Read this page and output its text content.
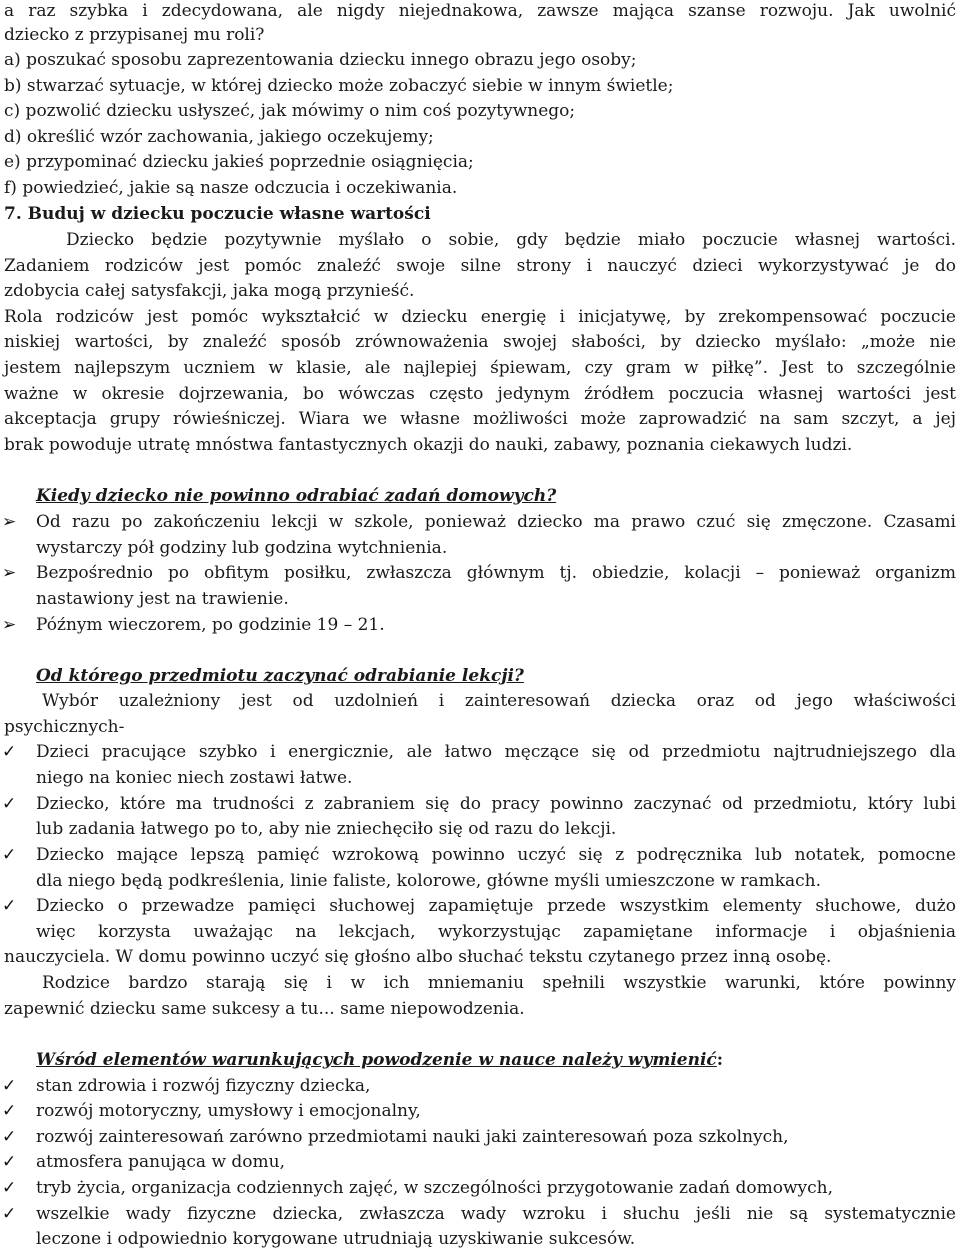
a raz szybka i zdecydowana, ale nigdy niejednakowa, zawsze mająca szanse rozwoju. Jak uwolnić
dziecko z przypisanej mu roli?
a) poszukać sposobu zaprezentowania dziecku innego obrazu jego osoby;
b) stwarzać sytuacje, w której dziecko może zobaczyć siebie w innym świetle;
c) pozwolić dziecku usłyszeć, jak mówimy o nim coś pozytywnego;
d) określić wzór zachowania, jakiego oczekujemy;
e) przypominać dziecku jakieś poprzednie osiągnięcia;
f) powiedzieć, jakie są nasze odczucia i oczekiwania.
7. Buduj w dziecku poczucie własne wartości
Dziecko będzie pozytywnie myślało o sobie, gdy będzie miało poczucie własnej wartości.
Zadaniem rodziców jest pomóc znaleźć swoje silne strony i nauczyć dzieci wykorzystywać je do
zdobycia całej satysfakcji, jaka mogą przynieść.
Rola rodziców jest pomóc wykształcić w dziecku energię i inicjatywę, by zrekompensować poczucie
niskiej wartości, by znaleźć sposób zrównoważenia swojej słabości, by dziecko myślało: „może nie
jestem najlepszym uczniem w klasie, ale najlepiej śpiewam, czy gram w piłkę”. Jest to szczególnie
ważne w okresie dojrzewania, bo wówczas często jedynym źródłem poczucia własnej wartości jest
akceptacja grupy rówieśniczej. Wiara we własne możliwości może zaprowadzić na sam szczyt, a jej
brak powoduje utratę mnóstwa fantastycznych okazji do nauki, zabawy, poznania ciekawych ludzi.
Kiedy dziecko nie powinno odrabiać zadań domowych?
➢	Od razu po zakończeniu lekcji w szkole, ponieważ dziecko ma prawo czuć się zmęczone. Czasami
wystarczy pół godziny lub godzina wytchnienia.
➢	Bezpośrednio po obfitym posiłku, zwłaszcza głównym tj. obiedzie, kolacji – ponieważ organizm
nastawiony jest na trawienie.
➢	Późnym wieczorem, po godzinie 19 – 21.
Od którego przedmiotu zaczynać odrabianie lekcji?
Wybór uzależniony jest od uzdolnień i zainteresowań dziecka oraz od jego właściwości
psychicznych-
✓	Dzieci pracujące szybko i energicznie, ale łatwo męczące się od przedmiotu najtrudniejszego dla
niego na koniec niech zostawi łatwe.
✓	Dziecko, które ma trudności z zabraniem się do pracy powinno zaczynać od przedmiotu, który lubi
lub zadania łatwego po to, aby nie zniechęciło się od razu do lekcji.
✓	Dziecko mające lepszą pamięć wzrokową powinno uczyć się z podręcznika lub notatek, pomocne
dla niego będą podkreślenia, linie faliste, kolorowe, główne myśli umieszczone w ramkach.
✓	Dziecko o przewadze pamięci słuchowej zapamiętuje przede wszystkim elementy słuchowe, dużo
więc korzysta uważając na lekcjach, wykorzystując zapamiętane informacje i objaśnienia
nauczyciela. W domu powinno uczyć się głośno albo słuchać tekstu czytanego przez inną osobę.
Rodzice bardzo starają się i w ich mniemaniu spełnili wszystkie warunki, które powinny
zapewnić dziecku same sukcesy a tu... same niepowodzenia.
Wśród elementów warunkujących powodzenie w nauce należy wymienić:
✓	stan zdrowia i rozwój fizyczny dziecka,
✓	rozwój motoryczny, umysłowy i emocjonalny,
✓	rozwój zainteresowań zarówno przedmiotami nauki jaki zainteresowań poza szkolnych,
✓	atmosfera panująca w domu,
✓	tryb życia, organizacja codziennych zajęć, w szczególności przygotowanie zadań domowych,
✓	wszelkie wady fizyczne dziecka, zwłaszcza wady wzroku i słuchu jeśli nie są systematycznie
leczone i odpowiednio korygowane utrudniają uzyskiwanie sukcesów.
